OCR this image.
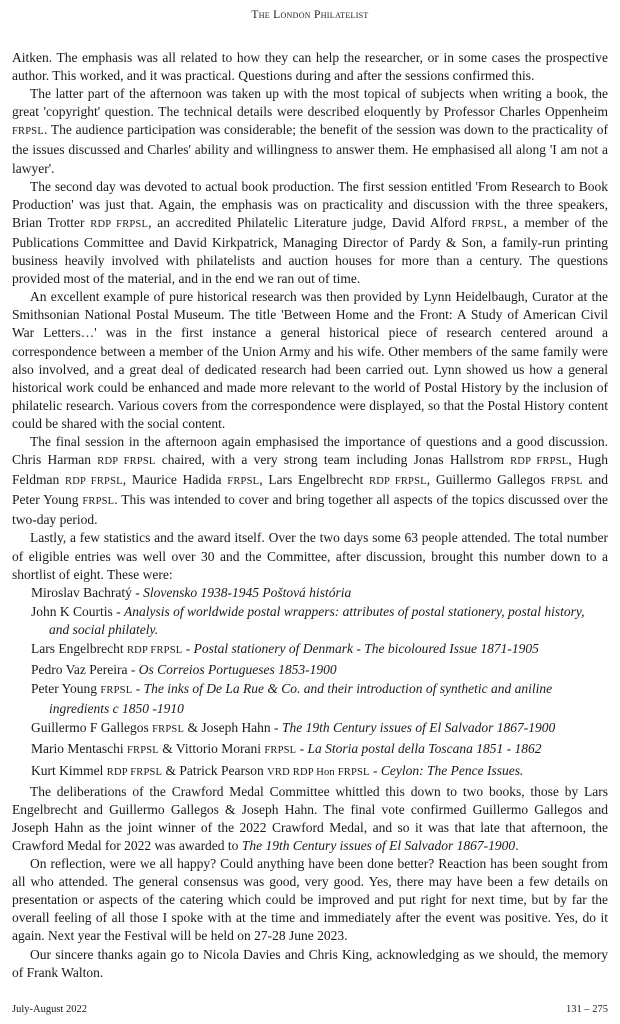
The London Philatelist

Aitken. The emphasis was all related to how they can help the researcher, or in some cases the prospective author. This worked, and it was practical. Questions during and after the sessions confirmed this.

The latter part of the afternoon was taken up with the most topical of subjects when writing a book, the great 'copyright' question. The technical details were described eloquently by Professor Charles Oppenheim FRPSL. The audience participation was considerable; the benefit of the session was down to the practicality of the issues discussed and Charles' ability and willingness to answer them. He emphasised all along 'I am not a lawyer'.

The second day was devoted to actual book production. The first session entitled 'From Research to Book Production' was just that. Again, the emphasis was on practicality and discussion with the three speakers, Brian Trotter RDP FRPSL, an accredited Philatelic Literature judge, David Alford FRPSL, a member of the Publications Committee and David Kirkpatrick, Managing Director of Pardy & Son, a family-run printing business heavily involved with philatelists and auction houses for more than a century. The questions provided most of the material, and in the end we ran out of time.

An excellent example of pure historical research was then provided by Lynn Heidelbaugh, Curator at the Smithsonian National Postal Museum. The title 'Between Home and the Front: A Study of American Civil War Letters…' was in the first instance a general historical piece of research centered around a correspondence between a member of the Union Army and his wife. Other members of the same family were also involved, and a great deal of dedicated research had been carried out. Lynn showed us how a general historical work could be enhanced and made more relevant to the world of Postal History by the inclusion of philatelic research. Various covers from the correspondence were displayed, so that the Postal History content could be shared with the social content.

The final session in the afternoon again emphasised the importance of questions and a good discussion. Chris Harman RDP FRPSL chaired, with a very strong team including Jonas Hallstrom RDP FRPSL, Hugh Feldman RDP FRPSL, Maurice Hadida FRPSL, Lars Engelbrecht RDP FRPSL, Guillermo Gallegos FRPSL and Peter Young FRPSL. This was intended to cover and bring together all aspects of the topics discussed over the two-day period.

Lastly, a few statistics and the award itself. Over the two days some 63 people attended. The total number of eligible entries was well over 30 and the Committee, after discussion, brought this number down to a shortlist of eight. These were:

Miroslav Bachratý - Slovensko 1938-1945 Poštová história
John K Courtis - Analysis of worldwide postal wrappers: attributes of postal stationery, postal history, and social philately.
Lars Engelbrecht RDP FRPSL - Postal stationery of Denmark - The bicoloured Issue 1871-1905
Pedro Vaz Pereira - Os Correios Portugueses 1853-1900
Peter Young FRPSL - The inks of De La Rue & Co. and their introduction of synthetic and aniline ingredients c 1850 -1910
Guillermo F Gallegos FRPSL & Joseph Hahn - The 19th Century issues of El Salvador 1867-1900
Mario Mentaschi FRPSL & Vittorio Morani FRPSL - La Storia postal della Toscana 1851 - 1862
Kurt Kimmel RDP FRPSL & Patrick Pearson VRD RDP Hon FRPSL - Ceylon: The Pence Issues.

The deliberations of the Crawford Medal Committee whittled this down to two books, those by Lars Engelbrecht and Guillermo Gallegos & Joseph Hahn. The final vote confirmed Guillermo Gallegos and Joseph Hahn as the joint winner of the 2022 Crawford Medal, and so it was that late that afternoon, the Crawford Medal for 2022 was awarded to The 19th Century issues of El Salvador 1867-1900.

On reflection, were we all happy? Could anything have been done better? Reaction has been sought from all who attended. The general consensus was good, very good. Yes, there may have been a few details on presentation or aspects of the catering which could be improved and put right for next time, but by far the overall feeling of all those I spoke with at the time and immediately after the event was positive. Yes, do it again. Next year the Festival will be held on 27-28 June 2023.

Our sincere thanks again go to Nicola Davies and Chris King, acknowledging as we should, the memory of Frank Walton.

July-August 2022	131 – 275
